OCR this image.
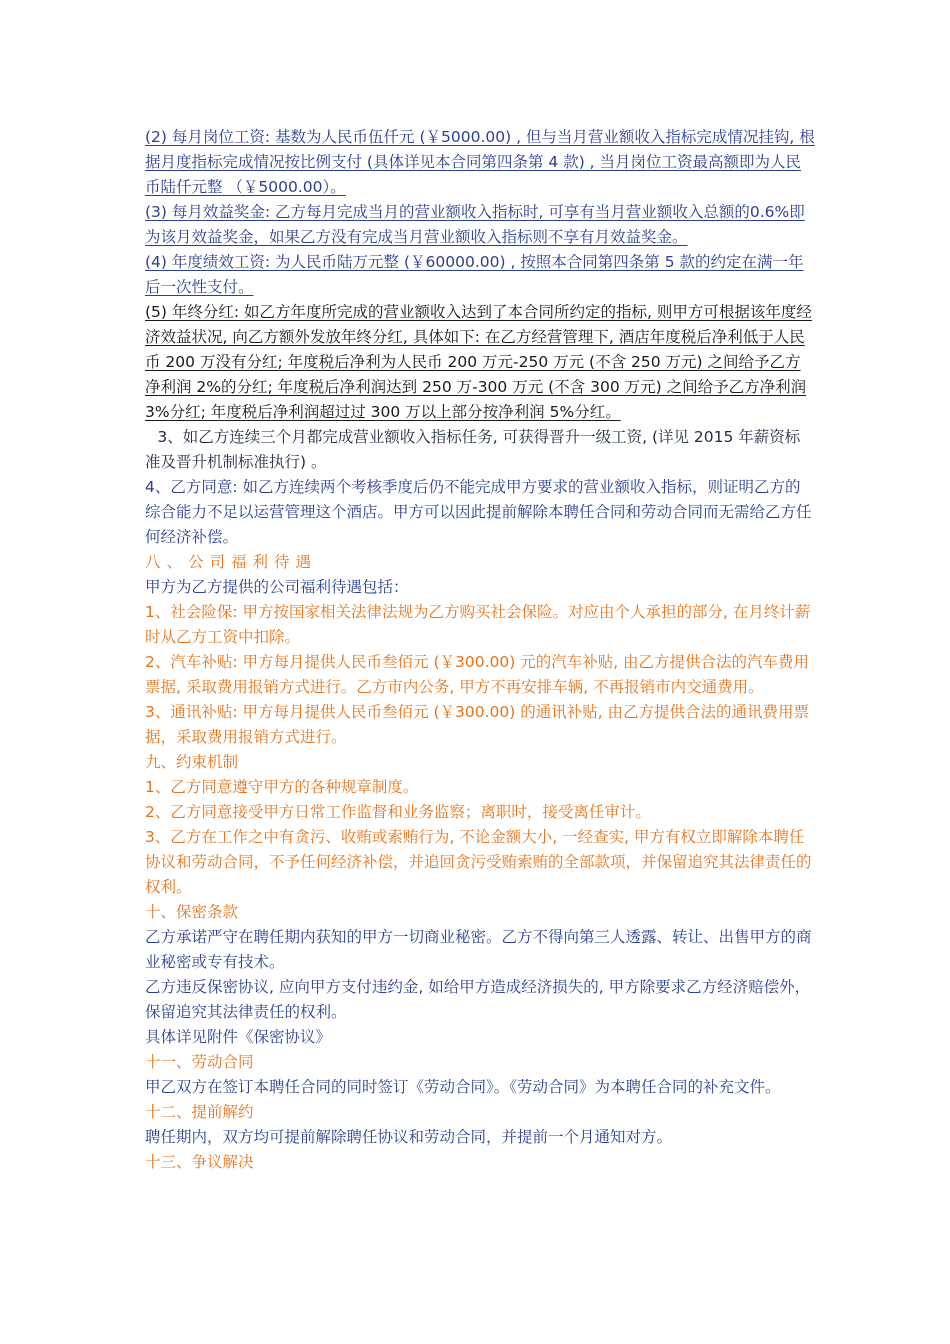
(2) 每月岗位工资: 基数为人民币伍仟元 (￥5000.00) , 但与当月营业额收入指标完成情况挂钩, 根据月度指标完成情况按比例支付 (具体详见本合同第四条第 4 款) , 当月岗位工资最高额即为人民币陆仟元整 （￥5000.00）。

(3) 每月效益奖金: 乙方每月完成当月的营业额收入指标时, 可享有当月营业额收入总额的0.6%即为该月效益奖金，如果乙方没有完成当月营业额收入指标则不享有月效益奖金。

(4) 年度绩效工资: 为人民币陆万元整 (￥60000.00) , 按照本合同第四条第 5 款的约定在满一年后一次性支付。

(5) 年终分红: 如乙方年度所完成的营业额收入达到了本合同所约定的指标, 则甲方可根据该年度经济效益状况, 向乙方额外发放年终分红, 具体如下: 在乙方经营管理下, 酒店年度税后净利低于人民币 200 万没有分红; 年度税后净利为人民币 200 万元-250 万元 (不含 250 万元) 之间给予乙方净利润 2%的分红; 年度税后净利润达到 250 万-300 万元 (不含 300 万元) 之间给予乙方净利润 3%分红; 年度税后净利润超过过 300 万以上部分按净利润 5%分红。

3、如乙方连续三个月都完成营业额收入指标任务, 可获得晋升一级工资, (详见 2015 年薪资标准及晋升机制标准执行) 。

4、乙方同意: 如乙方连续两个考核季度后仍不能完成甲方要求的营业额收入指标，则证明乙方的综合能力不足以运营管理这个酒店。甲方可以因此提前解除本聘任合同和劳动合同而无需给乙方任何经济补偿。

八、公司福利待遇

甲方为乙方提供的公司福利待遇包括：

1、社会险保: 甲方按国家相关法律法规为乙方购买社会保险。对应由个人承担的部分, 在月终计薪时从乙方工资中扣除。

2、汽车补贴: 甲方每月提供人民币叁佰元 (￥300.00) 元的汽车补贴, 由乙方提供合法的汽车费用票据, 采取费用报销方式进行。乙方市内公务, 甲方不再安排车辆, 不再报销市内交通费用。

3、通讯补贴: 甲方每月提供人民币叁佰元 (￥300.00) 的通讯补贴, 由乙方提供合法的通讯费用票据，采取费用报销方式进行。

九、约束机制

1、乙方同意遵守甲方的各种规章制度。

2、乙方同意接受甲方日常工作监督和业务监察；离职时，接受离任审计。

3、乙方在工作之中有贪污、收贿或索贿行为, 不论金额大小, 一经查实, 甲方有权立即解除本聘任协议和劳动合同，不予任何经济补偿，并追回贪污受贿索贿的全部款项，并保留追究其法律责任的权利。

十、保密条款

乙方承诺严守在聘任期内获知的甲方一切商业秘密。乙方不得向第三人透露、转让、出售甲方的商业秘密或专有技术。

乙方违反保密协议, 应向甲方支付违约金, 如给甲方造成经济损失的, 甲方除要求乙方经济赔偿外，保留追究其法律责任的权利。

具体详见附件《保密协议》

十一、劳动合同

甲乙双方在签订本聘任合同的同时签订《劳动合同》。《劳动合同》为本聘任合同的补充文件。

十二、提前解约

聘任期内，双方均可提前解除聘任协议和劳动合同，并提前一个月通知对方。

十三、争议解决
